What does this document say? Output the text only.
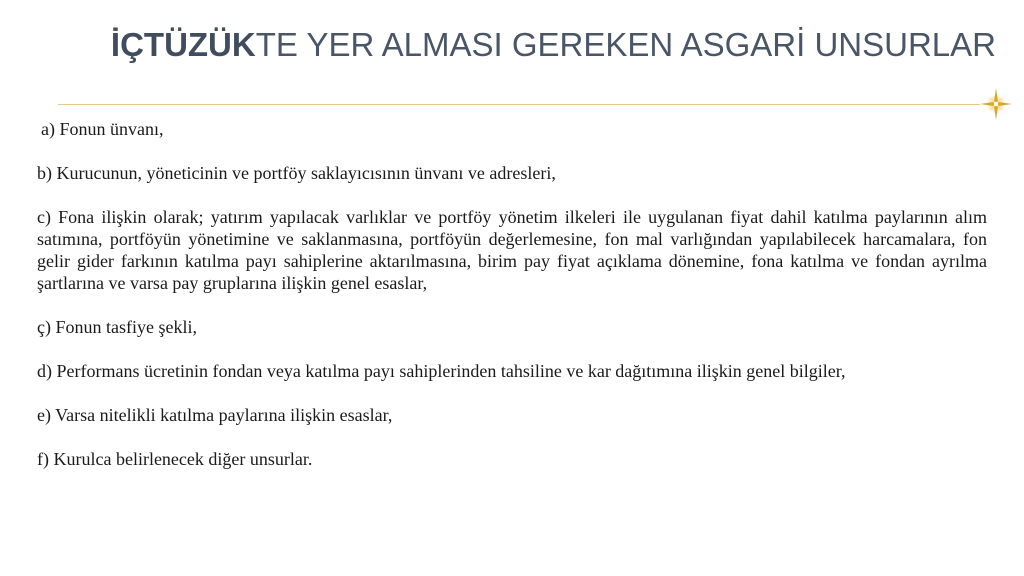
İÇTÜZÜKTE YER ALMASI GEREKEN ASGARİ UNSURLAR

a) Fonun ünvanı,

b) Kurucunun, yöneticinin ve portföy saklayıcısının ünvanı ve adresleri,

c) Fona ilişkin olarak; yatırım yapılacak varlıklar ve portföy yönetim ilkeleri ile uygulanan fiyat dahil katılma paylarının alım satımına, portföyün yönetimine ve saklanmasına, portföyün değerlemesine, fon mal varlığından yapılabilecek harcamalara, fon gelir gider farkının katılma payı sahiplerine aktarılmasına, birim pay fiyat açıklama dönemine, fona katılma ve fondan ayrılma şartlarına ve varsa pay gruplarına ilişkin genel esaslar,

ç) Fonun tasfiye şekli,

d) Performans ücretinin fondan veya katılma payı sahiplerinden tahsiline ve kar dağıtımına ilişkin genel bilgiler,

e) Varsa nitelikli katılma paylarına ilişkin esaslar,

f) Kurulca belirlenecek diğer unsurlar.
